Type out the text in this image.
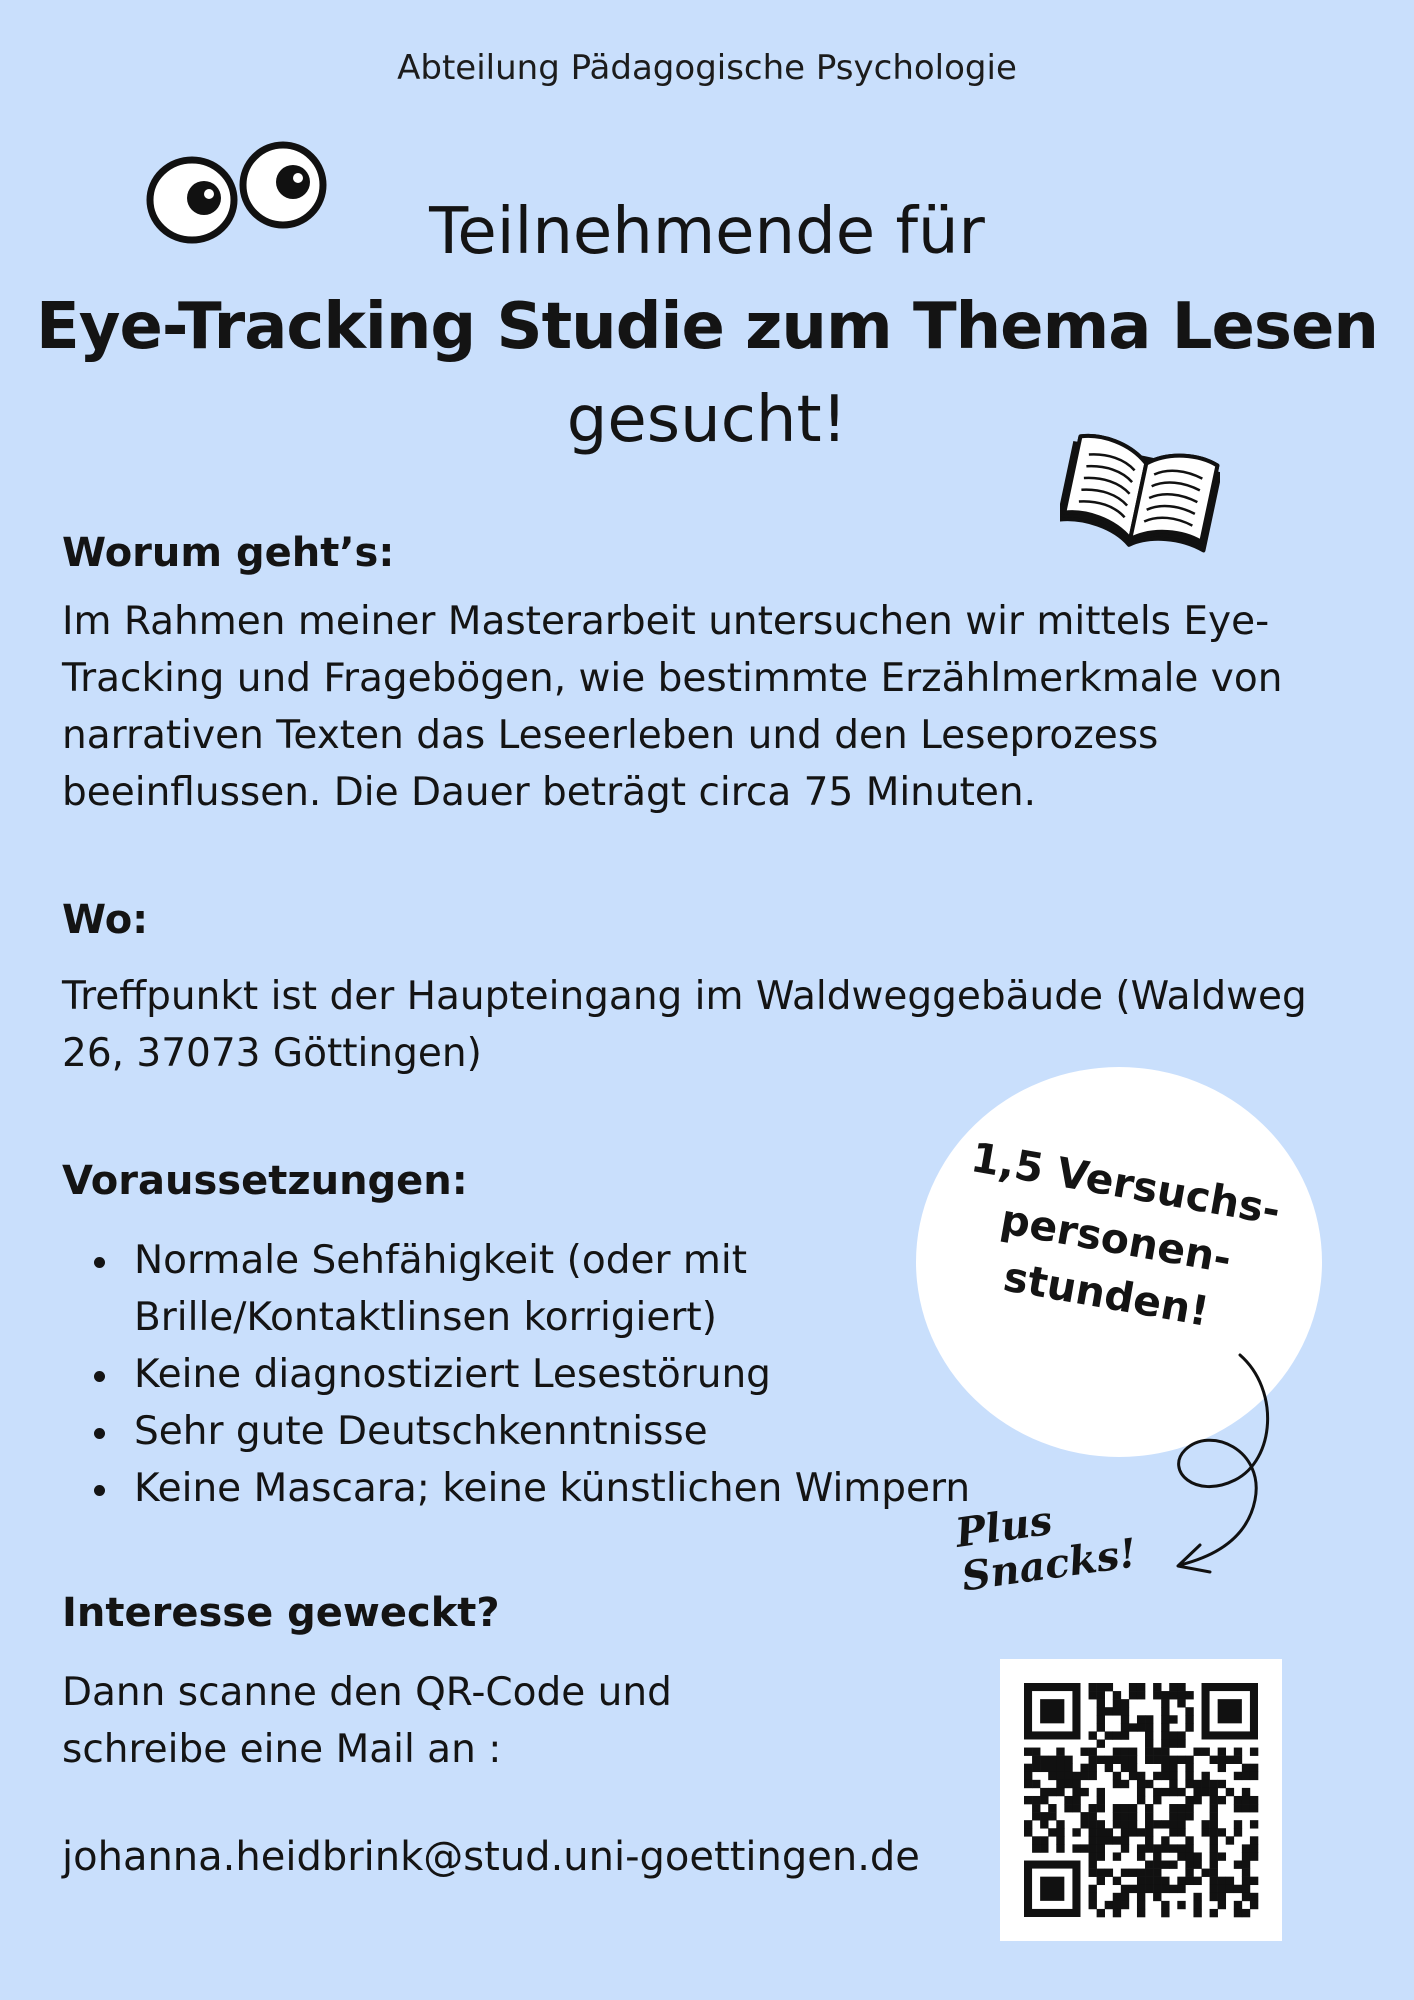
Abteilung Pädagogische Psychologie
Teilnehmende für
Eye-Tracking Studie zum Thema Lesen
gesucht!
Worum geht’s:
Im Rahmen meiner Masterarbeit untersuchen wir mittels Eye-Tracking und Fragebögen, wie bestimmte Erzählmerkmale von narrativen Texten das Leseerleben und den Leseprozess beeinflussen. Die Dauer beträgt circa 75 Minuten.
Wo:
Treffpunkt ist der Haupteingang im Waldweggebäude (Waldweg 26, 37073 Göttingen)
Voraussetzungen:
Normale Sehfähigkeit (oder mit Brille/Kontaktlinsen korrigiert)
Keine diagnostiziert Lesestörung
Sehr gute Deutschkenntnisse
Keine Mascara; keine künstlichen Wimpern
1,5 Versuchs-personen-stunden!
Plus Snacks!
Interesse geweckt?
Dann scanne den QR-Code und schreibe eine Mail an :
johanna.heidbrink@stud.uni-goettingen.de
